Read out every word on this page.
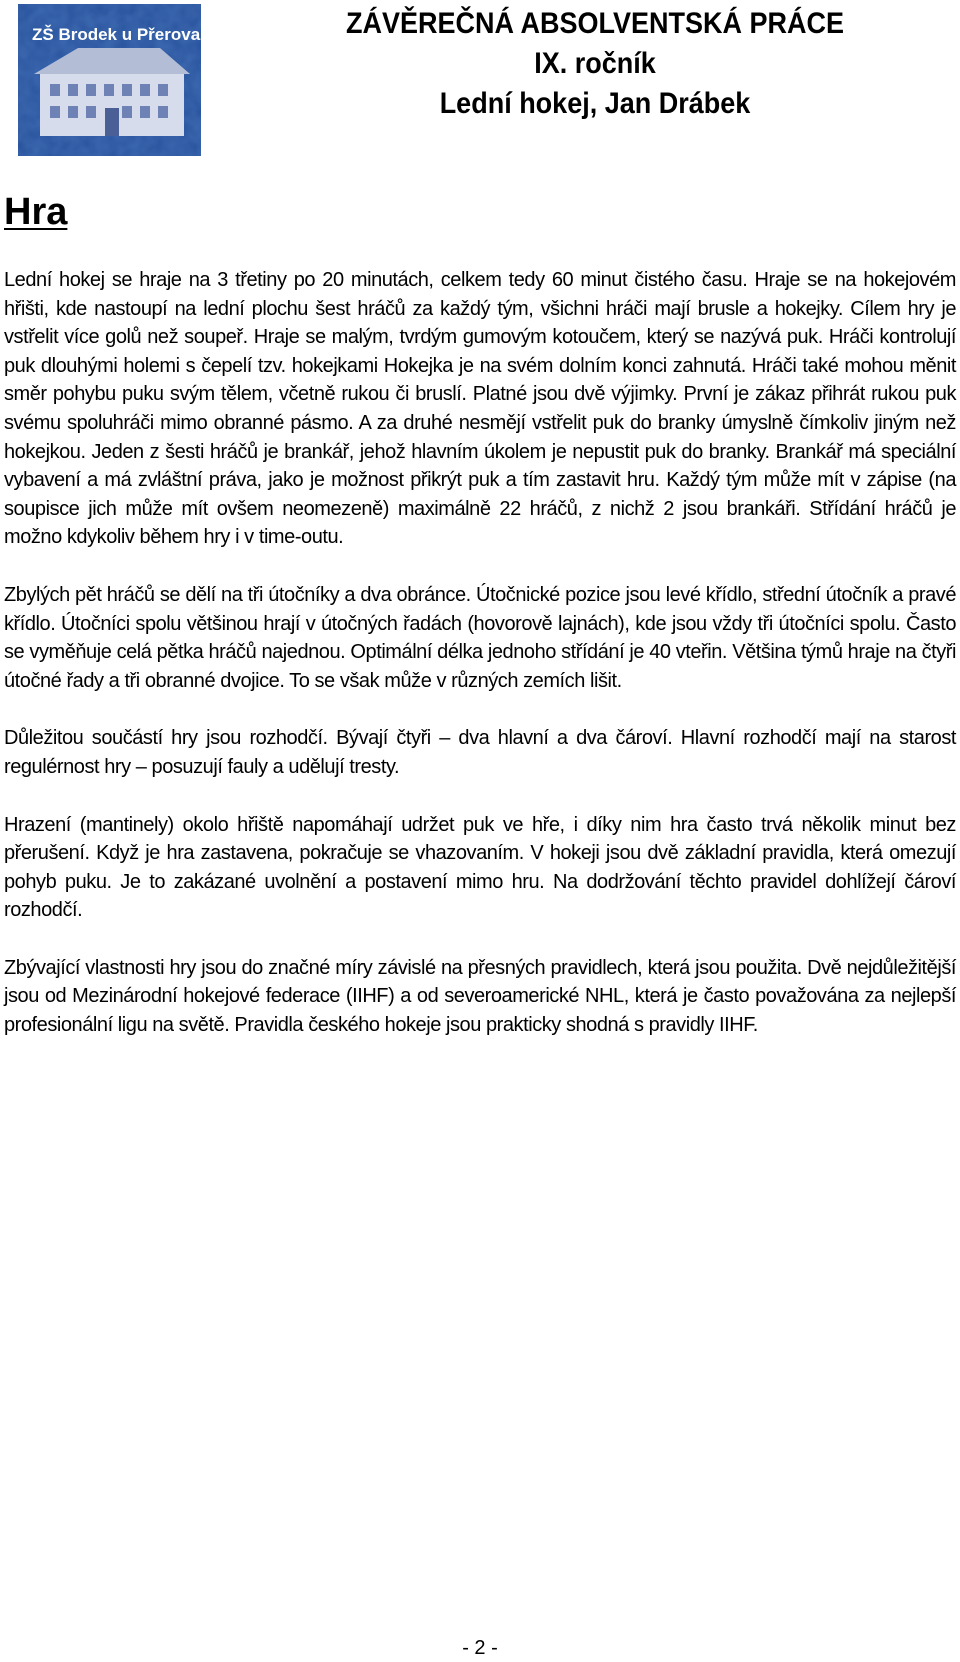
ZŠ Brodek u Přerova	ZÁVĚREČNÁ ABSOLVENTSKÁ PRÁCE
IX. ročník
Lední hokej, Jan Drábek
Hra

Lední hokej se hraje na 3 třetiny po 20 minutách, celkem tedy 60 minut čistého času. Hraje se na hokejovém hřišti, kde nastoupí na lední plochu šest hráčů za každý tým, všichni hráči mají brusle a hokejky. Cílem hry je vstřelit více golů než soupeř. Hraje se malým, tvrdým gumovým kotoučem, který se nazývá puk. Hráči kontrolují puk dlouhými holemi s čepelí tzv. hokejkami Hokejka je na svém dolním konci zahnutá. Hráči také mohou měnit směr pohybu puku svým tělem, včetně rukou či bruslí. Platné jsou dvě výjimky. První je zákaz přihrát rukou puk svému spoluhráči mimo obranné pásmo. A za druhé nesmějí vstřelit puk do branky úmyslně čímkoliv jiným než hokejkou. Jeden z šesti hráčů je brankář, jehož hlavním úkolem je nepustit puk do branky. Brankář má speciální vybavení a má zvláštní práva, jako je možnost přikrýt puk a tím zastavit hru. Každý tým může mít v zápise (na soupisce jich může mít ovšem neomezeně) maximálně 22 hráčů, z nichž 2 jsou brankáři. Střídání hráčů je možno kdykoliv během hry i v time-outu.

Zbylých pět hráčů se dělí na tři útočníky a dva obránce. Útočnické pozice jsou levé křídlo, střední útočník a pravé křídlo. Útočníci spolu většinou hrají v útočných řadách (hovorově lajnách), kde jsou vždy tři útočníci spolu. Často se vyměňuje celá pětka hráčů najednou. Optimální délka jednoho střídání je 40 vteřin. Většina týmů hraje na čtyři útočné řady a tři obranné dvojice. To se však může v různých zemích lišit.

Důležitou součástí hry jsou rozhodčí. Bývají čtyři – dva hlavní a dva čároví. Hlavní rozhodčí mají na starost regulérnost hry – posuzují fauly a udělují tresty.

Hrazení (mantinely) okolo hřiště napomáhají udržet puk ve hře, i díky nim hra často trvá několik minut bez přerušení. Když je hra zastavena, pokračuje se vhazovaním. V hokeji jsou dvě základní pravidla, která omezují pohyb puku. Je to zakázané uvolnění a postavení mimo hru. Na dodržování těchto pravidel dohlížejí čároví rozhodčí.

Zbývající vlastnosti hry jsou do značné míry závislé na přesných pravidlech, která jsou použita. Dvě nejdůležitější jsou od Mezinárodní hokejové federace (IIHF) a od severoamerické NHL, která je často považována za nejlepší profesionální ligu na světě. Pravidla českého hokeje jsou prakticky shodná s pravidly IIHF.

- 2 -
